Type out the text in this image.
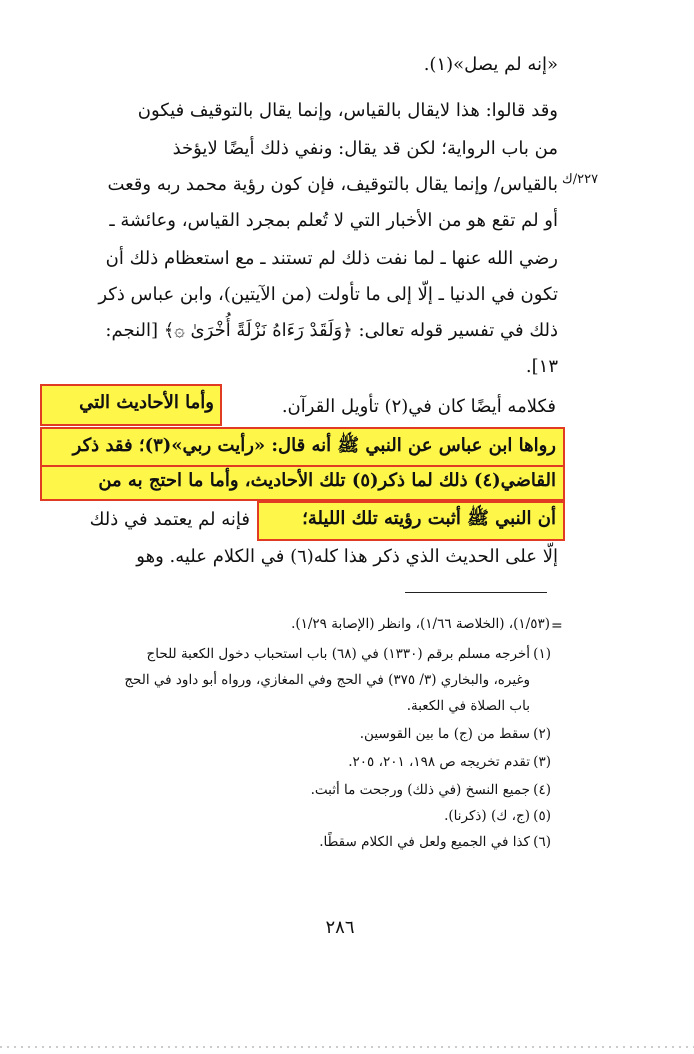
٢٢٧/ك
«إنه لم يصل»(١).
وقد قالوا: هذا لايقال بالقياس، وإنما يقال بالتوقيف فيكون
من باب الرواية؛ لكن قد يقال: ونفي ذلك أيضًا لايؤخذ
بالقياس/ وإنما يقال بالتوقيف، فإن كون رؤية محمد ربه وقعت
أو لم تقع هو من الأخبار التي لا تُعلم بمجرد القياس، وعائشة ـ
رضي الله عنها ـ لما نفت ذلك لم تستند ـ مع استعظام ذلك أن
تكون في الدنيا ـ إلّا إلى ما تأولت (من الآيتين)، وابن عباس ذكر
ذلك في تفسير قوله تعالى: ﴿وَلَقَدْ رَءَاهُ نَزْلَةً أُخْرَىٰ ۞﴾ [النجم:
١٣].
وأما الأحاديث التي	فكلامه أيضًا كان في(٢) تأويل القرآن.
رواها ابن عباس عن النبي ﷺ أنه قال: «رأيت ربي»(٣)؛ فقد ذكر
القاضي(٤) ذلك لما ذكر(٥) تلك الأحاديث، وأما ما احتج به من
أن النبي ﷺ أثبت رؤيته تلك الليلة؛
فإنه لم يعتمد في ذلك
إلّا على الحديث الذي ذكر هذا كله(٦) في الكلام عليه. وهو
=
(١/٥٣)، (الخلاصة ١/٦٦)، وانظر (الإصابة ١/٢٩).
(١)
أخرجه مسلم برقم (١٣٣٠) في (٦٨) باب استحباب دخول الكعبة للحاج
وغيره، والبخاري (٣/ ٣٧٥) في الحج وفي المغازي، ورواه أبو داود في الحج
باب الصلاة في الكعبة.
(٢)
سقط من (ج) ما بين القوسين.
(٣)
تقدم تخريجه ص ١٩٨، ٢٠١، ٢٠٥.
(٤)
جميع النسخ (في ذلك) ورجحت ما أثبت.
(٥)
(ج، ك) (ذكرنا).
(٦)
كذا في الجميع ولعل في الكلام سقطًا.
٢٨٦
